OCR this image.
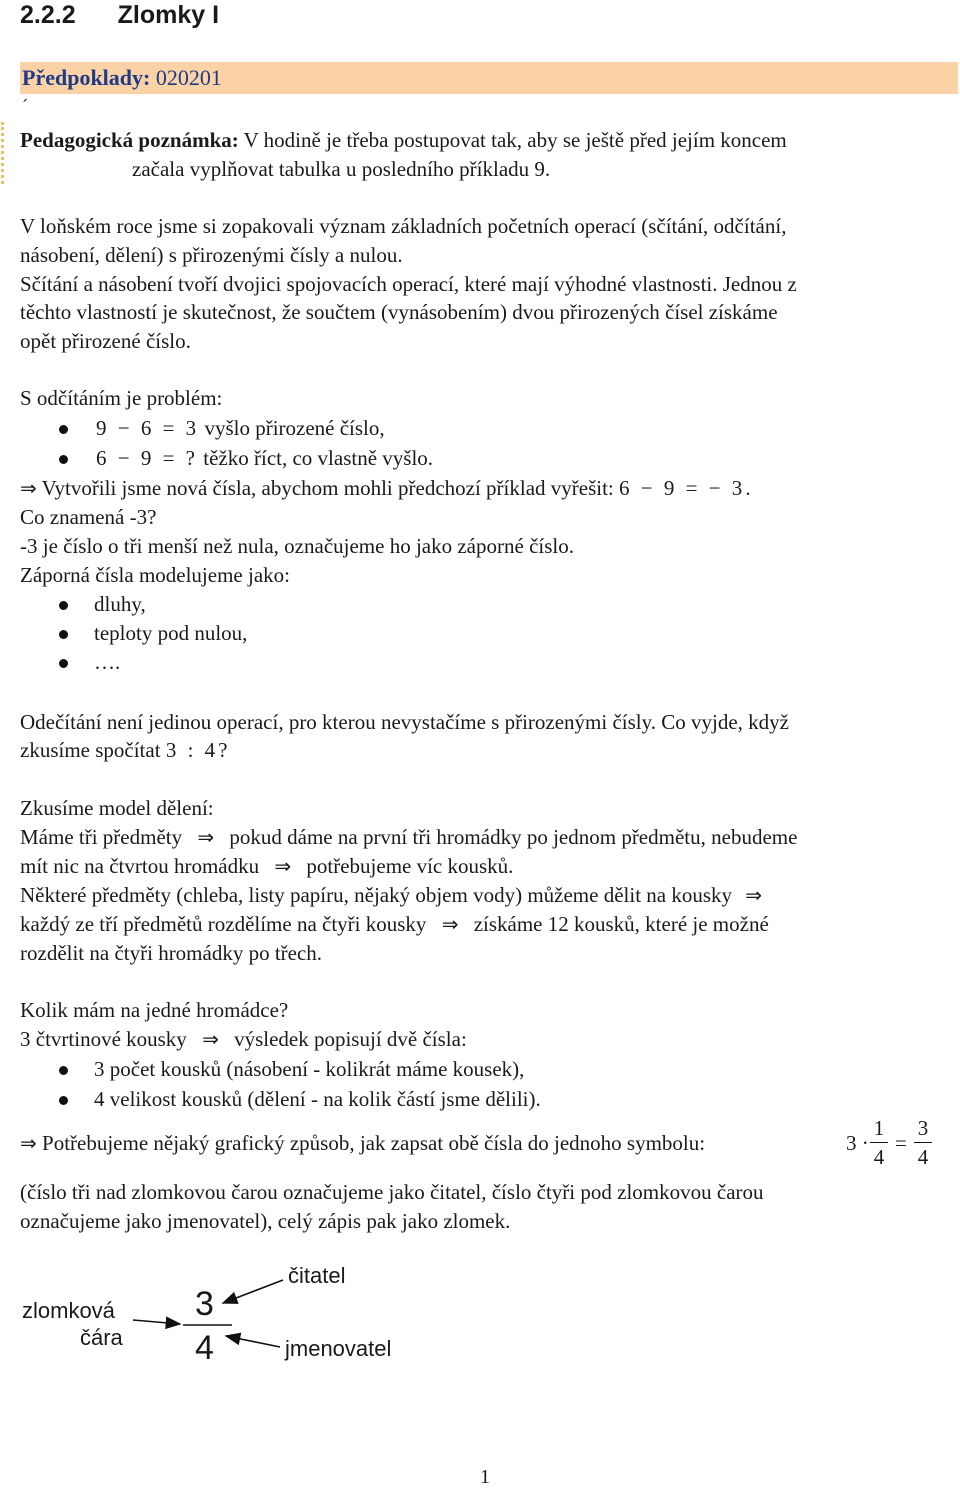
2.2.2 Zlomky I
Předpoklady: 020201
´
Pedagogická poznámka: V hodině je třeba postupovat tak, aby se ještě před jejím koncem
začala vyplňovat tabulka u posledního příkladu 9.
V loňském roce jsme si zopakovali význam základních početních operací (sčítání, odčítání,
násobení, dělení) s přirozenými čísly a nulou.
Sčítání a násobení tvoří dvojici spojovacích operací, které mají výhodné vlastnosti. Jednou z
těchto vlastností je skutečnost, že součtem (vynásobením) dvou přirozených čísel získáme
opět přirozené číslo.
S odčítáním je problém:
9 − 6 = 3 vyšlo přirozené číslo,
6 − 9 = ? těžko říct, co vlastně vyšlo.
⇒ Vytvořili jsme nová čísla, abychom mohli předchozí příklad vyřešit: 6 − 9 = − 3.
Co znamená -3?
-3 je číslo o tři menší než nula, označujeme ho jako záporné číslo.
Záporná čísla modelujeme jako:
dluhy,
teploty pod nulou,
….
Odečítání není jedinou operací, pro kterou nevystačíme s přirozenými čísly. Co vyjde, když
zkusíme spočítat 3 : 4?
Zkusíme model dělení:
Máme tři předměty ⇒ pokud dáme na první tři hromádky po jednom předmětu, nebudeme
mít nic na čtvrtou hromádku ⇒ potřebujeme víc kousků.
Některé předměty (chleba, listy papíru, nějaký objem vody) můžeme dělit na kousky ⇒
každý ze tří předmětů rozdělíme na čtyři kousky ⇒ získáme 12 kousků, které je možné
rozdělit na čtyři hromádky po třech.
Kolik mám na jedné hromádce?
3 čtvrtinové kousky ⇒ výsledek popisují dvě čísla:
3 počet kousků (násobení - kolikrát máme kousek),
4 velikost kousků (dělení - na kolik částí jsme dělili).
⇒ Potřebujeme nějaký grafický způsob, jak zapsat obě čísla do jednoho symbolu:	3 ·
1
4
=
3
4
(číslo tři nad zlomkovou čarou označujeme jako čitatel, číslo čtyři pod zlomkovou čarou
označujeme jako jmenovatel), celý zápis pak jako zlomek.
zlomková
čára
3
4
čitatel
jmenovatel
1
